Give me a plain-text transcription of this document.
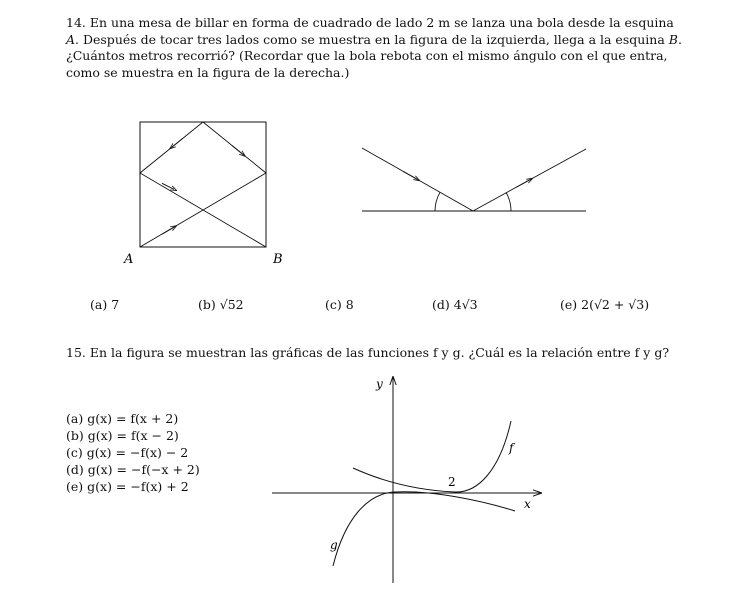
14. En una mesa de billar en forma de cuadrado de lado 2 m se lanza una bola desde la esquina A. Después de tocar tres lados como se muestra en la figura de la izquierda, llega a la esquina B. ¿Cuántos metros recorrió? (Recordar que la bola rebota con el mismo ángulo con el que entra, como se muestra en la figura de la derecha.)

A	B
(a) 7	(b) √52	(c) 8	(d) 4√3	(e) 2(√2 + √3)

15. En la figura se muestran las gráficas de las funciones f y g. ¿Cuál es la relación entre f y g?

(a) g(x) = f(x + 2)
(b) g(x) = f(x − 2)
(c) g(x) = −f(x) − 2
(d) g(x) = −f(−x + 2)
(e) g(x) = −f(x) + 2
y
x
f
g
2
